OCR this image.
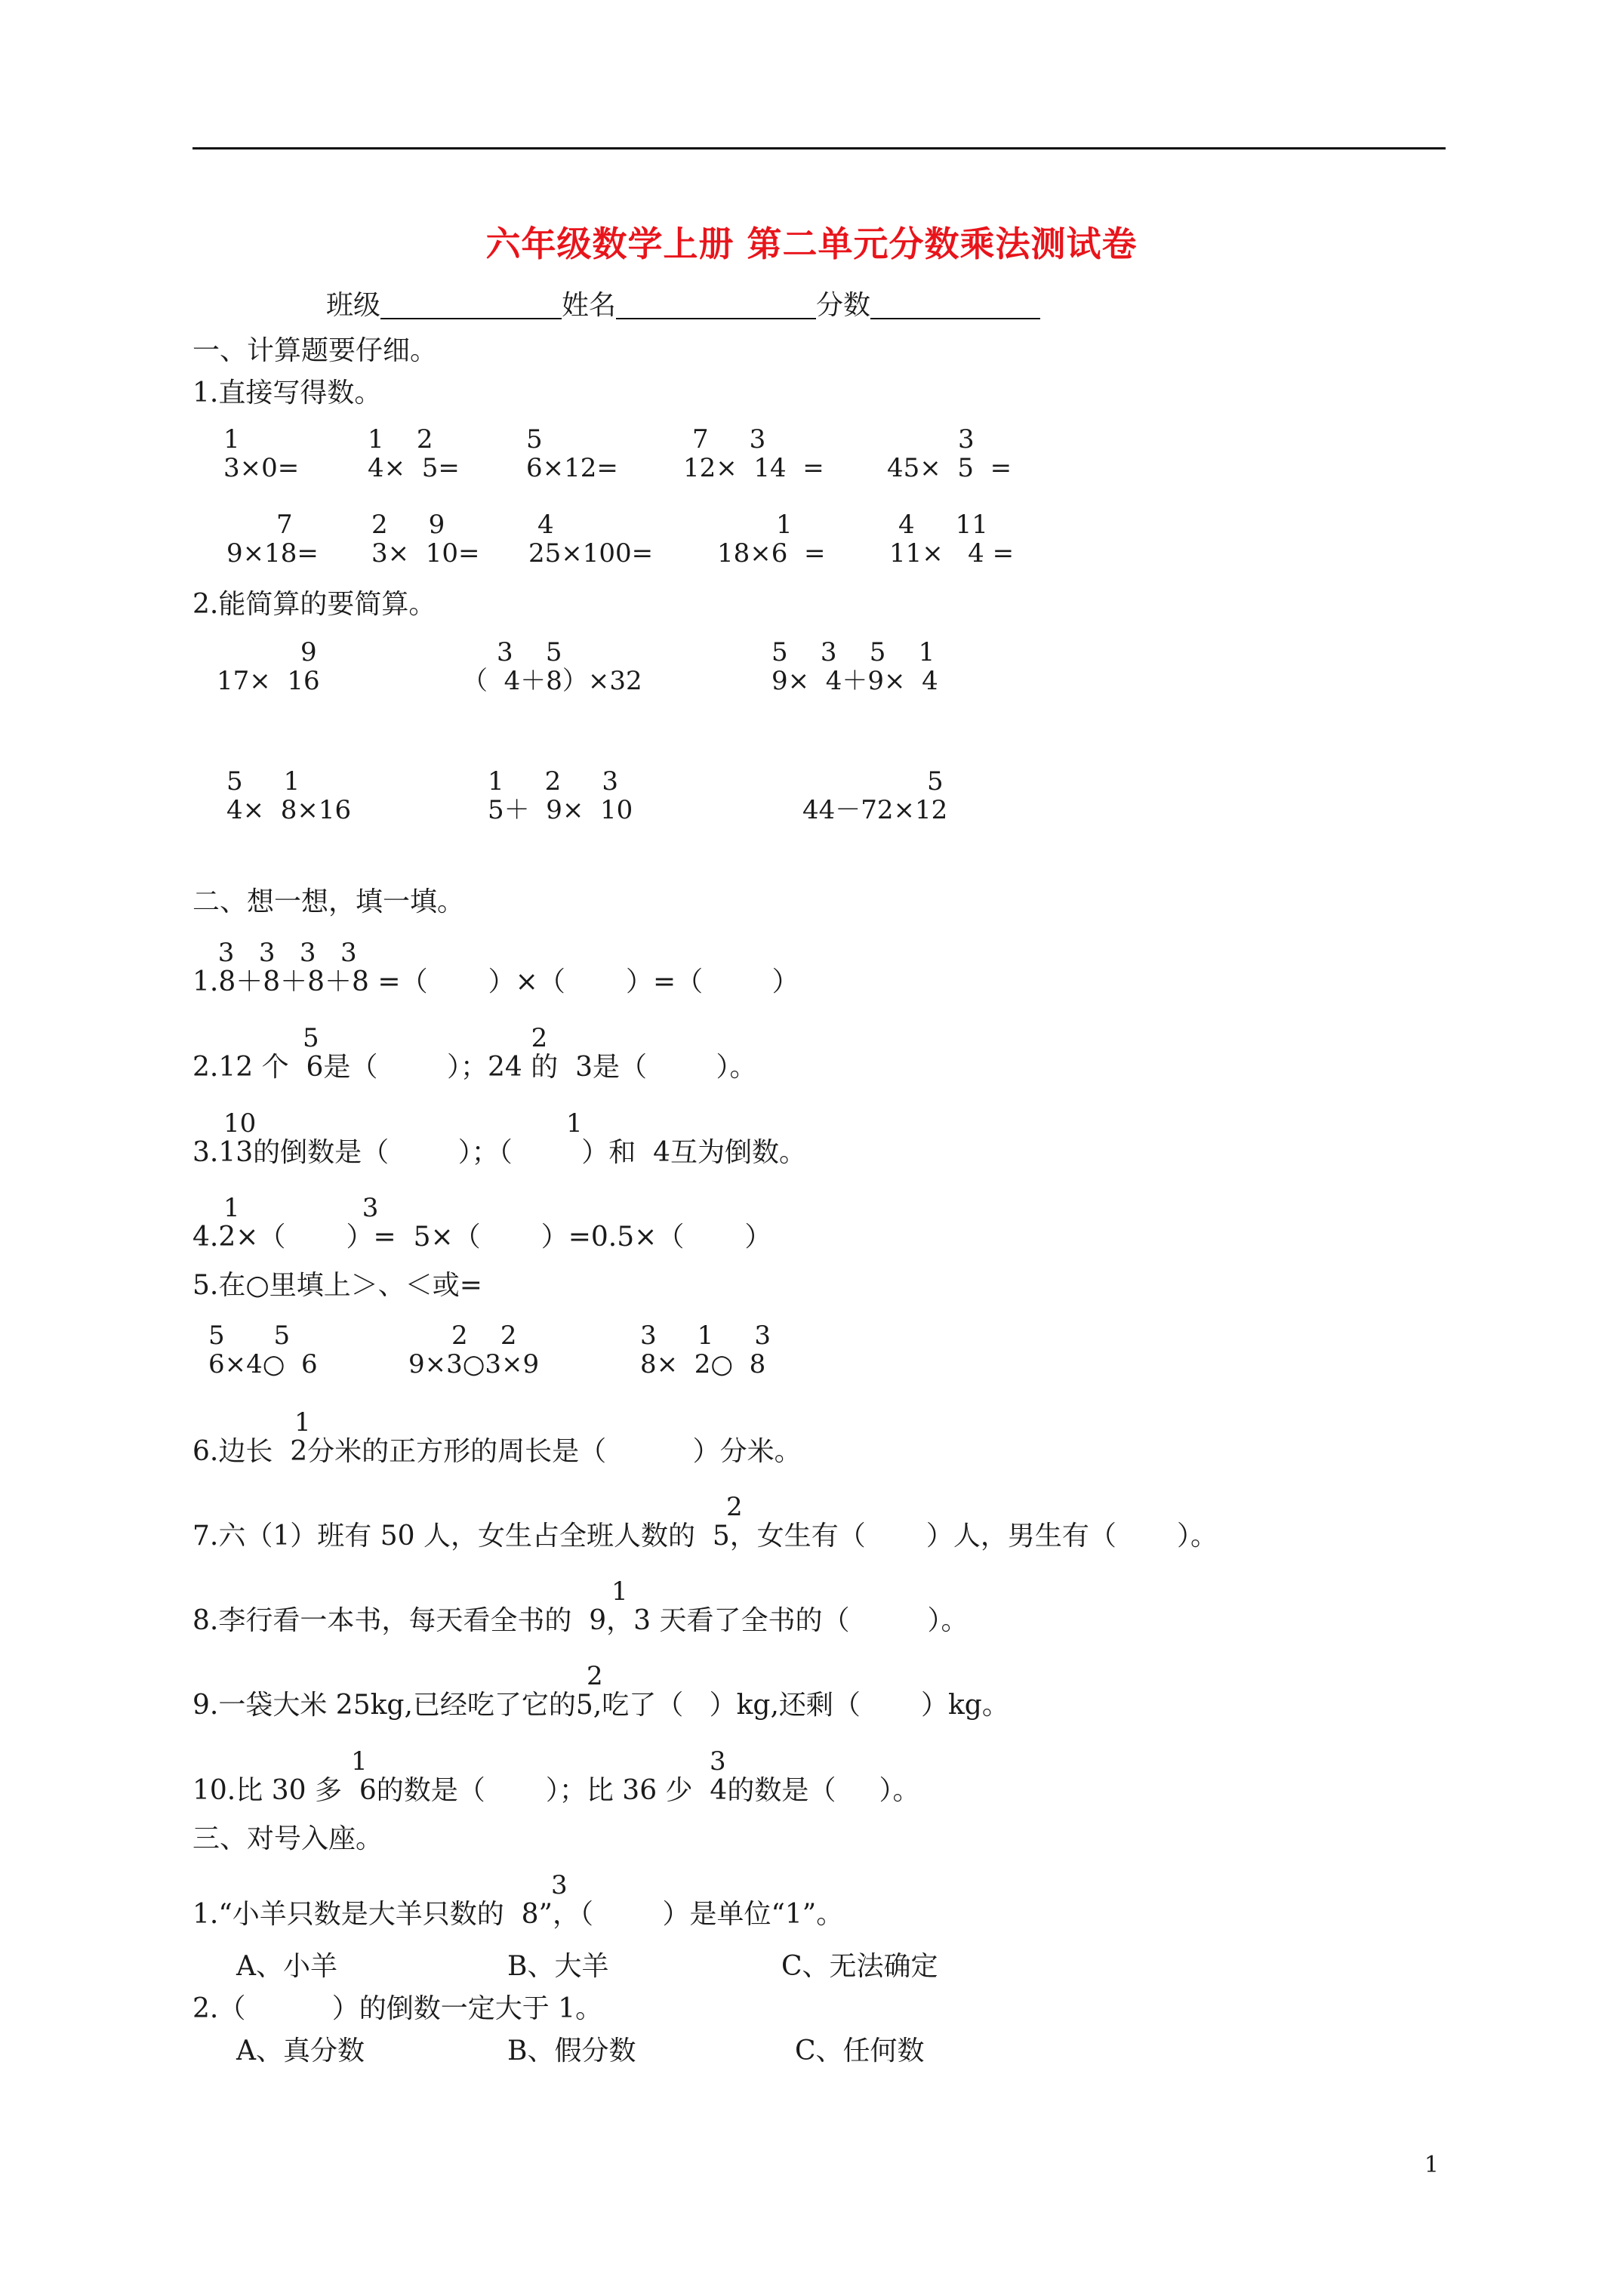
六年级数学上册 第二单元分数乘法测试卷
班级	姓名	分数
一、计算题要仔细。
1.直接写得数。
1
3×0=
1    2
4×  5=
5
6×12=
7     3
12×  14  =
3
45×  5  =
7
9×18=
2     9
3×  10=
4
25×100=
1
18×6  =
4     11
11×   4 =
2.能简算的要简算。
9
17×  16
3    5
（  4＋8）×32
5    3    5    1
9×  4＋9×  4
5     1
4×  8×16
1     2     3
5＋  9×  10
5
44－72×12
二、想一想，填一填。
3   3   3   3
1.8＋8＋8＋8 =（       ）×（       ）=（        ）
5                          2
2.12 个  6是（        ）；24 的  3是（        ）。
10                                      1
3.13的倒数是（        ）；（        ）和  4互为倒数。
1               3
4.2×（       ）=  5×（       ）=0.5×（       ）
5.在○里填上＞、＜或=
5      5
6×4○  6
2    2
9×3○3×9
3     1     3
8×  2○  8
1
6.边长  2分米的正方形的周长是（          ）分米。
2
7.六（1）班有 50 人，女生占全班人数的  5，女生有（       ）人，男生有（       ）。
1
8.李行看一本书，每天看全书的  9，3 天看了全书的（         ）。
2
9.一袋大米 25kg,已经吃了它的5,吃了（   ）kg,还剩（       ）kg。
1	3
10.比 30 多  6的数是（       ）；比 36 少  4的数是（     ）。
三、对号入座。
3
1.“小羊只数是大羊只数的  8”，（        ）是单位“1”。
A、小羊	B、大羊	C、无法确定
2.（          ）的倒数一定大于 1。
A、真分数	B、假分数	C、任何数
1
